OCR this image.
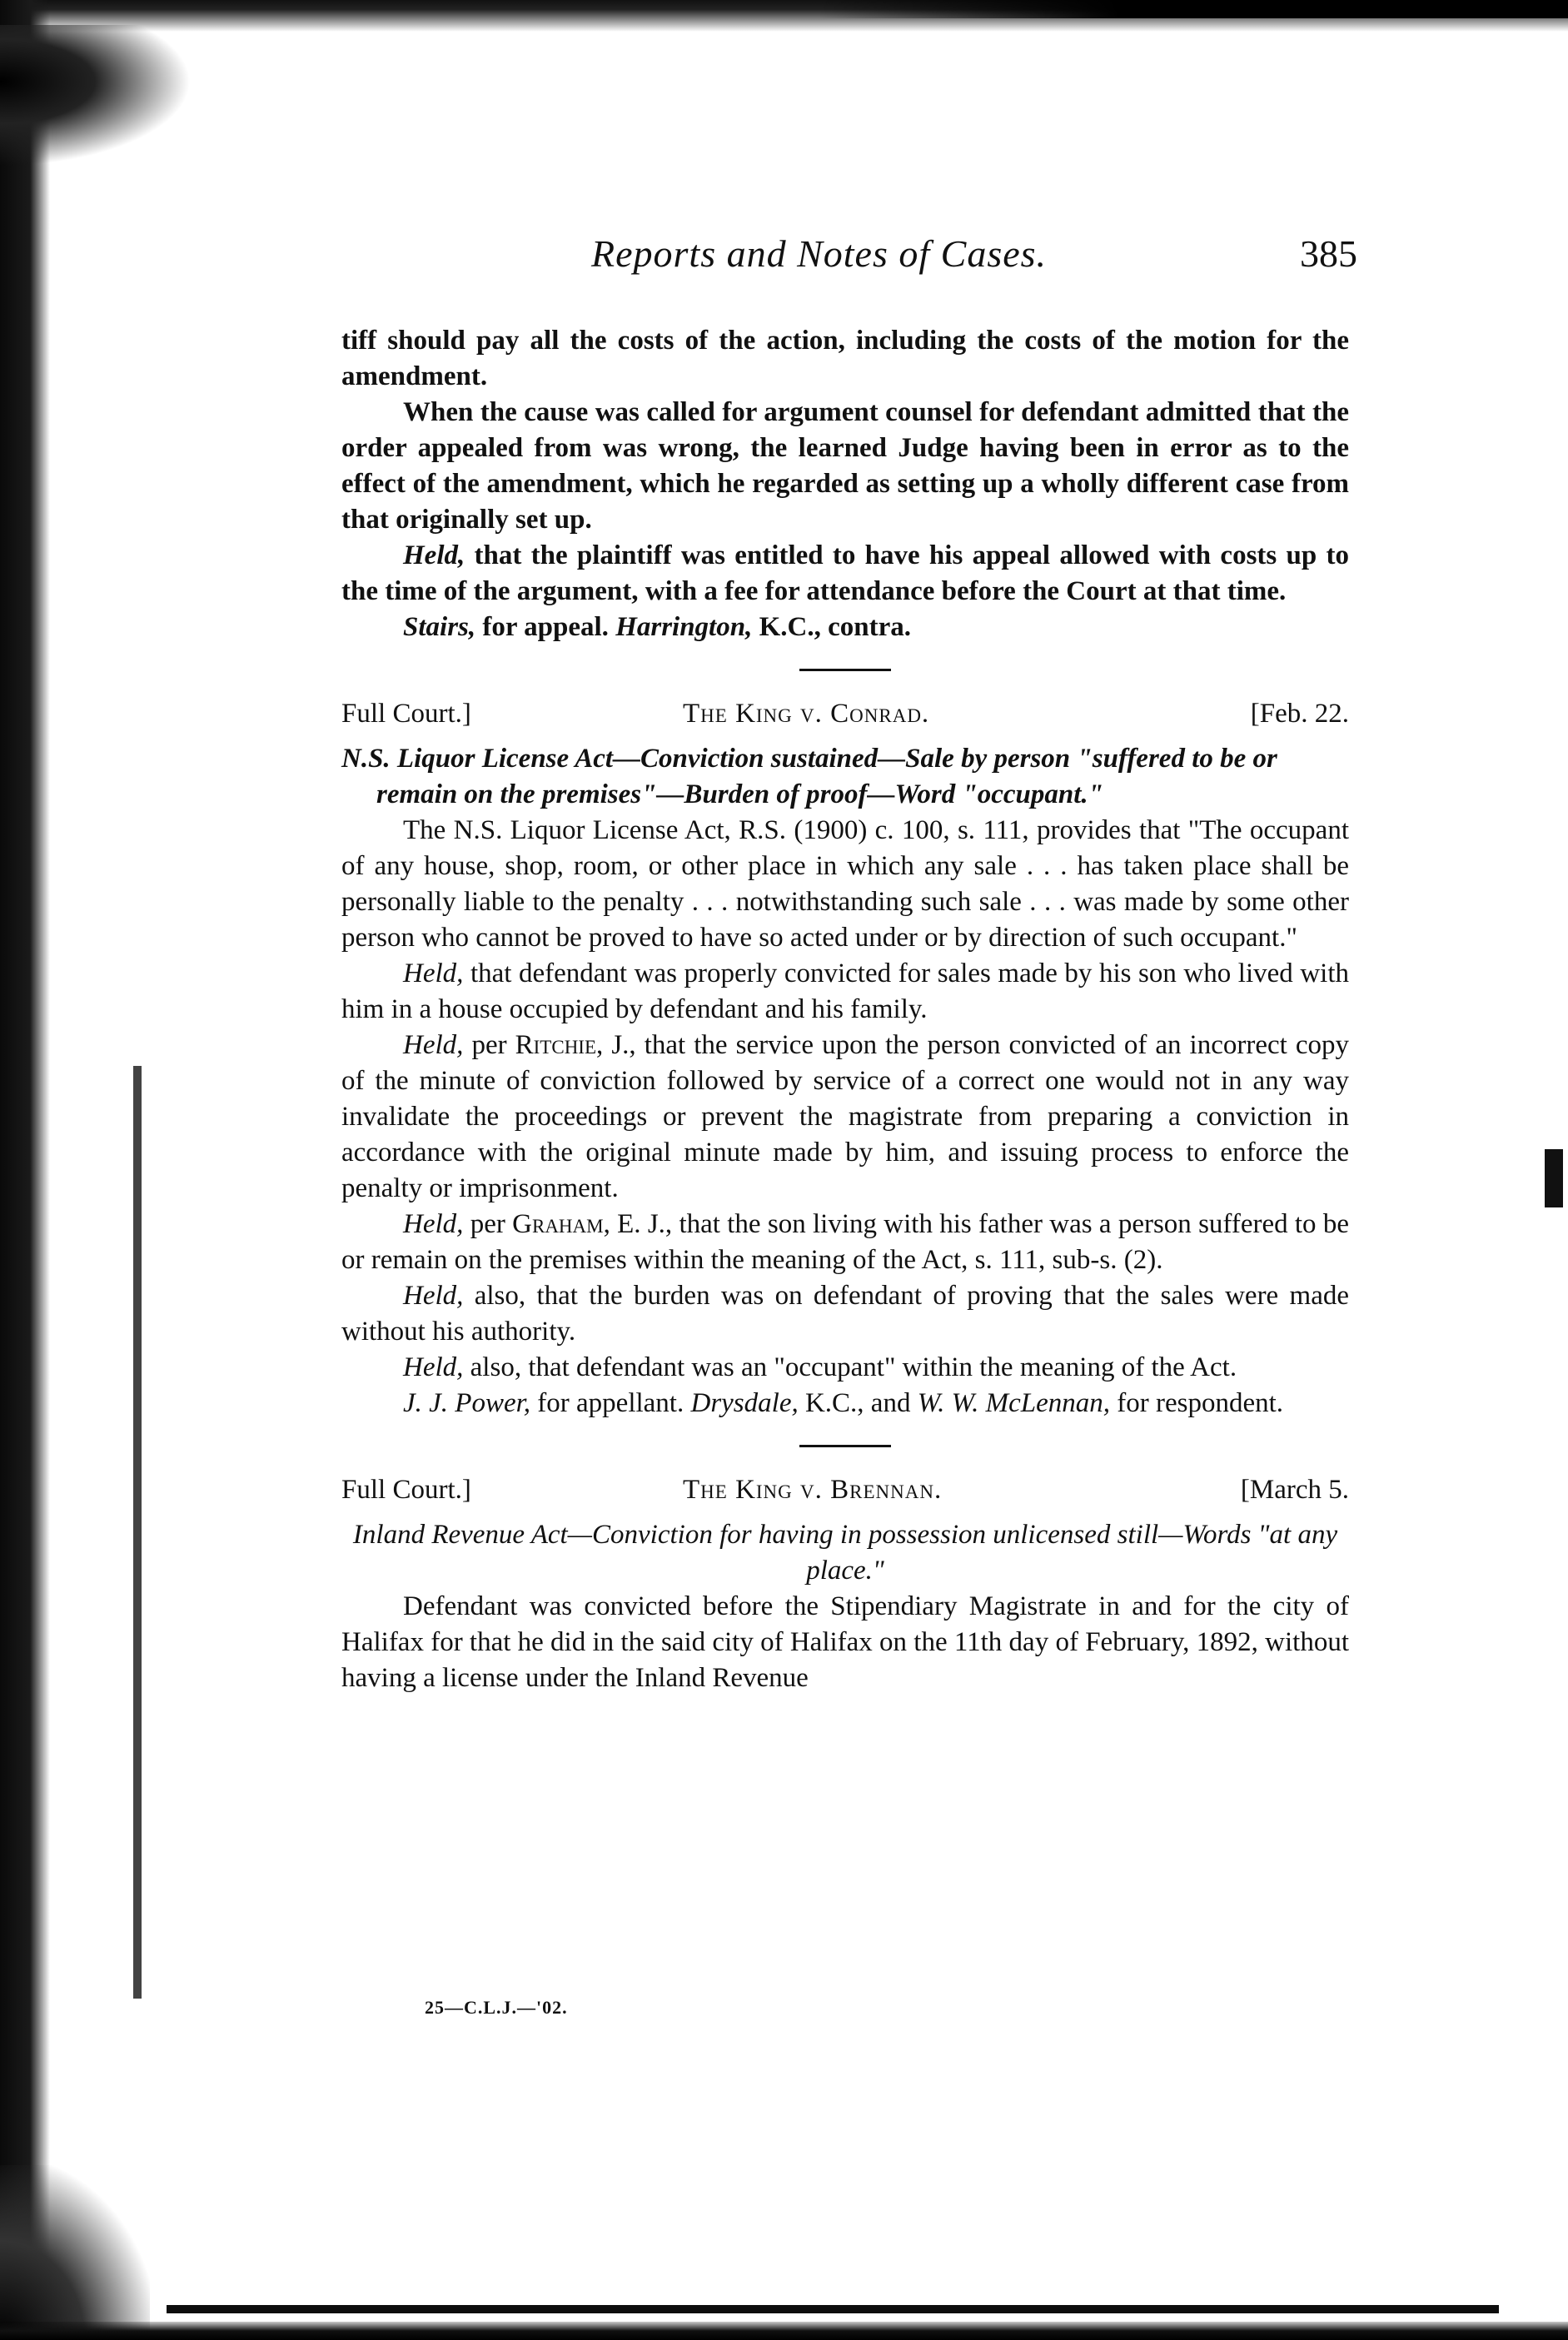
Reports and Notes of Cases.	385

tiff should pay all the costs of the action, including the costs of the motion for the amendment.

When the cause was called for argument counsel for defendant admitted that the order appealed from was wrong, the learned Judge having been in error as to the effect of the amendment, which he regarded as setting up a wholly different case from that originally set up.

Held, that the plaintiff was entitled to have his appeal allowed with costs up to the time of the argument, with a fee for attendance before the Court at that time.

Stairs, for appeal. Harrington, K.C., contra.

Full Court.]	The King v. Conrad.	[Feb. 22.

N.S. Liquor License Act—Conviction sustained—Sale by person "suffered to be or remain on the premises"—Burden of proof—Word "occupant."

The N.S. Liquor License Act, R.S. (1900) c. 100, s. 111, provides that "The occupant of any house, shop, room, or other place in which any sale . . . has taken place shall be personally liable to the penalty . . . notwithstanding such sale . . . was made by some other person who cannot be proved to have so acted under or by direction of such occupant."

Held, that defendant was properly convicted for sales made by his son who lived with him in a house occupied by defendant and his family.

Held, per Ritchie, J., that the service upon the person convicted of an incorrect copy of the minute of conviction followed by service of a correct one would not in any way invalidate the proceedings or prevent the magistrate from preparing a conviction in accordance with the original minute made by him, and issuing process to enforce the penalty or imprisonment.

Held, per Graham, E. J., that the son living with his father was a person suffered to be or remain on the premises within the meaning of the Act, s. 111, sub-s. (2).

Held, also, that the burden was on defendant of proving that the sales were made without his authority.

Held, also, that defendant was an "occupant" within the meaning of the Act.

J. J. Power, for appellant. Drysdale, K.C., and W. W. McLennan, for respondent.

Full Court.]	The King v. Brennan.	[March 5.

Inland Revenue Act—Conviction for having in possession unlicensed still—Words "at any place."

Defendant was convicted before the Stipendiary Magistrate in and for the city of Halifax for that he did in the said city of Halifax on the 11th day of February, 1892, without having a license under the Inland Revenue

25—C.L.J.—'02.
